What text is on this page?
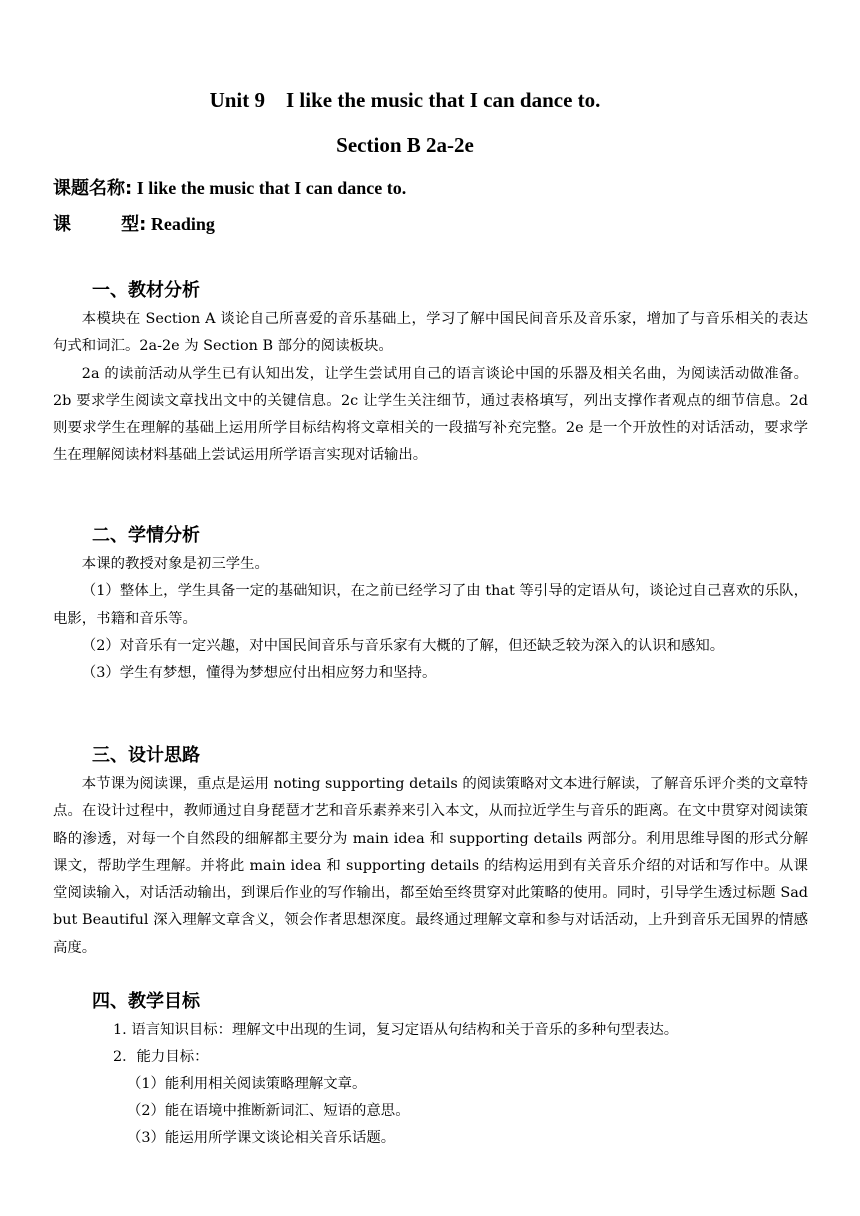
Unit 9    I like the music that I can dance to.
Section B 2a-2e
课题名称: I like the music that I can dance to.
课        型: Reading
一、教材分析

本模块在 Section A 谈论自己所喜爱的音乐基础上，学习了解中国民间音乐及音乐家，增加了与音乐相关的表达句式和词汇。2a-2e 为 Section B 部分的阅读板块。

2a 的读前活动从学生已有认知出发，让学生尝试用自己的语言谈论中国的乐器及相关名曲，为阅读活动做准备。2b 要求学生阅读文章找出文中的关键信息。2c 让学生关注细节，通过表格填写，列出支撑作者观点的细节信息。2d 则要求学生在理解的基础上运用所学目标结构将文章相关的一段描写补充完整。2e 是一个开放性的对话活动，要求学生在理解阅读材料基础上尝试运用所学语言实现对话输出。

二、学情分析

本课的教授对象是初三学生。

（1）整体上，学生具备一定的基础知识，在之前已经学习了由 that 等引导的定语从句，谈论过自己喜欢的乐队，电影，书籍和音乐等。

（2）对音乐有一定兴趣，对中国民间音乐与音乐家有大概的了解，但还缺乏较为深入的认识和感知。

（3）学生有梦想，懂得为梦想应付出相应努力和坚持。

三、设计思路

本节课为阅读课，重点是运用 noting supporting details 的阅读策略对文本进行解读，了解音乐评介类的文章特点。在设计过程中，教师通过自身琵琶才艺和音乐素养来引入本文，从而拉近学生与音乐的距离。在文中贯穿对阅读策略的渗透，对每一个自然段的细解都主要分为 main idea 和 supporting details 两部分。利用思维导图的形式分解课文，帮助学生理解。并将此 main idea 和 supporting details 的结构运用到有关音乐介绍的对话和写作中。从课堂阅读输入，对话活动输出，到课后作业的写作输出，都至始至终贯穿对此策略的使用。同时，引导学生透过标题 Sad but Beautiful 深入理解文章含义，领会作者思想深度。最终通过理解文章和参与对话活动，上升到音乐无国界的情感高度。

四、教学目标
1. 语言知识目标：理解文中出现的生词，复习定语从句结构和关于音乐的多种句型表达。
2．能力目标：
（1）能利用相关阅读策略理解文章。
（2）能在语境中推断新词汇、短语的意思。
（3）能运用所学课文谈论相关音乐话题。
